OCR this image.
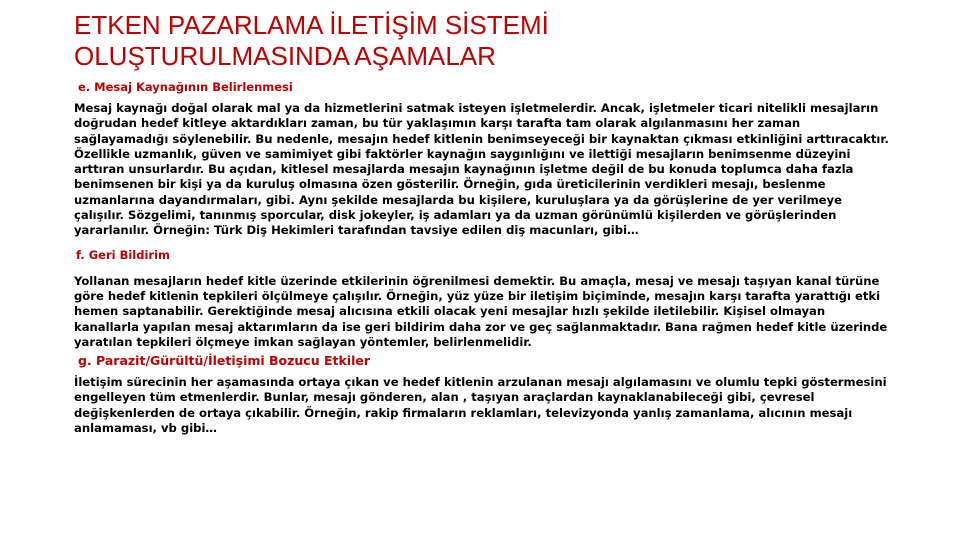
ETKEN PAZARLAMA İLETİŞİM SİSTEMİ
OLUŞTURULMASINDA AŞAMALAR

e. Mesaj Kaynağının Belirlenmesi

Mesaj kaynağı doğal olarak mal ya da hizmetlerini satmak isteyen işletmelerdir. Ancak, işletmeler ticari nitelikli mesajların doğrudan hedef kitleye aktardıkları zaman, bu tür yaklaşımın karşı tarafta tam olarak algılanmasını her zaman sağlayamadığı söylenebilir. Bu nedenle, mesajın hedef kitlenin benimseyeceği bir kaynaktan çıkması etkinliğini arttıracaktır. Özellikle uzmanlık, güven ve samimiyet gibi faktörler kaynağın saygınlığını ve ilettiği mesajların benimsenme düzeyini arttıran unsurlardır. Bu açıdan, kitlesel mesajlarda mesajın kaynağının işletme değil de bu konuda toplumca daha fazla benimsenen bir kişi ya da kuruluş olmasına özen gösterilir. Örneğin, gıda üreticilerinin verdikleri mesajı, beslenme uzmanlarına dayandırmaları, gibi. Aynı şekilde mesajlarda bu kişilere, kuruluşlara ya da görüşlerine de yer verilmeye çalışılır. Sözgelimi, tanınmış sporcular, disk jokeyler, iş adamları ya da uzman görünümlü kişilerden ve görüşlerinden yararlanılır. Örneğin: Türk Diş Hekimleri tarafından tavsiye edilen diş macunları, gibi…

f. Geri Bildirim

Yollanan mesajların hedef kitle üzerinde etkilerinin öğrenilmesi demektir. Bu amaçla, mesaj ve mesajı taşıyan kanal türüne göre hedef kitlenin tepkileri ölçülmeye çalışılır. Örneğin, yüz yüze bir iletişim biçiminde, mesajın karşı tarafta yarattığı etki hemen saptanabilir. Gerektiğinde mesaj alıcısına etkili olacak yeni mesajlar hızlı şekilde iletilebilir. Kişisel olmayan kanallarla yapılan mesaj aktarımların da ise geri bildirim daha zor ve geç sağlanmaktadır. Bana rağmen hedef kitle üzerinde yaratılan tepkileri ölçmeye imkan sağlayan yöntemler, belirlenmelidir.

g. Parazit/Gürültü/İletişimi Bozucu Etkiler

İletişim sürecinin her aşamasında ortaya çıkan ve hedef kitlenin arzulanan mesajı algılamasını ve olumlu tepki göstermesini engelleyen tüm etmenlerdir. Bunlar, mesajı gönderen, alan , taşıyan araçlardan kaynaklanabileceği gibi, çevresel değişkenlerden de ortaya çıkabilir. Örneğin, rakip firmaların reklamları, televizyonda yanlış zamanlama, alıcının mesajı anlamaması, vb gibi…
